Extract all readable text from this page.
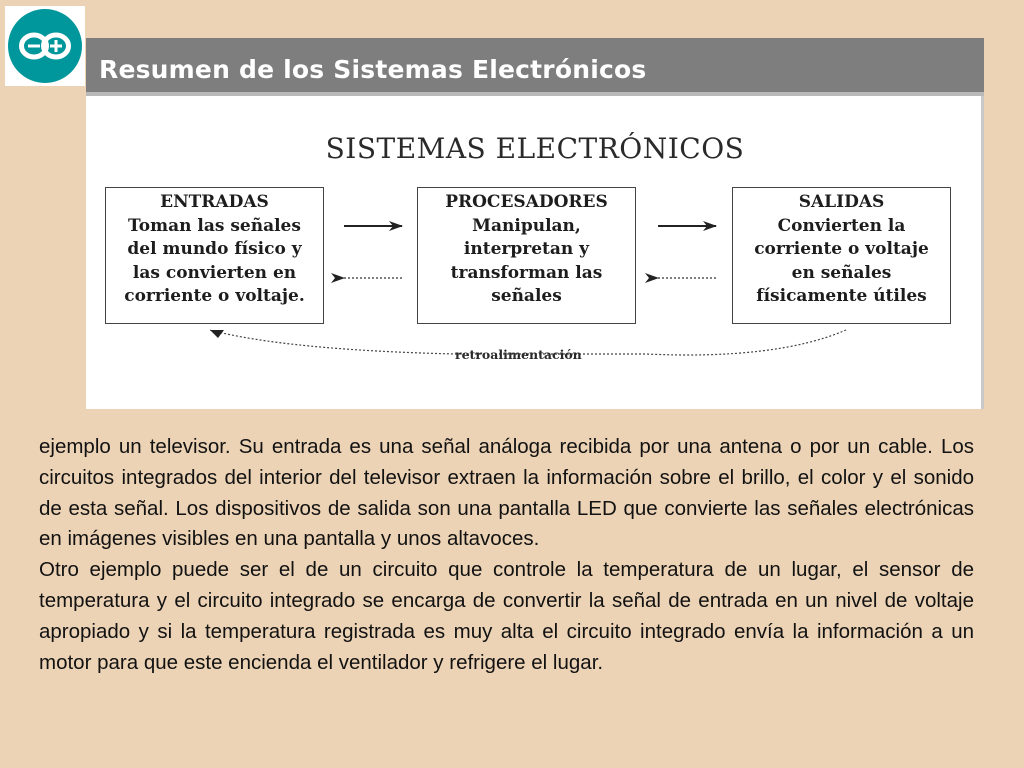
Resumen de los Sistemas Electrónicos
SISTEMAS ELECTRÓNICOS
ENTRADAS
Toman las señales
del mundo físico y
las convierten en
corriente o voltaje.
PROCESADORES
Manipulan,
interpretan y
transforman las
señales
SALIDAS
Convierten la
corriente o voltaje
en señales
físicamente útiles
retroalimentación

ejemplo un televisor. Su entrada es una señal análoga recibida por una antena o por un cable. Los circuitos integrados del interior del televisor extraen la información sobre el brillo, el color y el sonido de esta señal. Los dispositivos de salida son una pantalla LED que convierte las señales electrónicas en imágenes visibles en una pantalla y unos altavoces.

Otro ejemplo puede ser el de un circuito que controle la temperatura de un lugar, el sensor de temperatura y el circuito integrado se encarga de convertir la señal de entrada en un nivel de voltaje apropiado y si la temperatura registrada es muy alta el circuito integrado envía la información a un motor para que este encienda el ventilador y refrigere el lugar.
